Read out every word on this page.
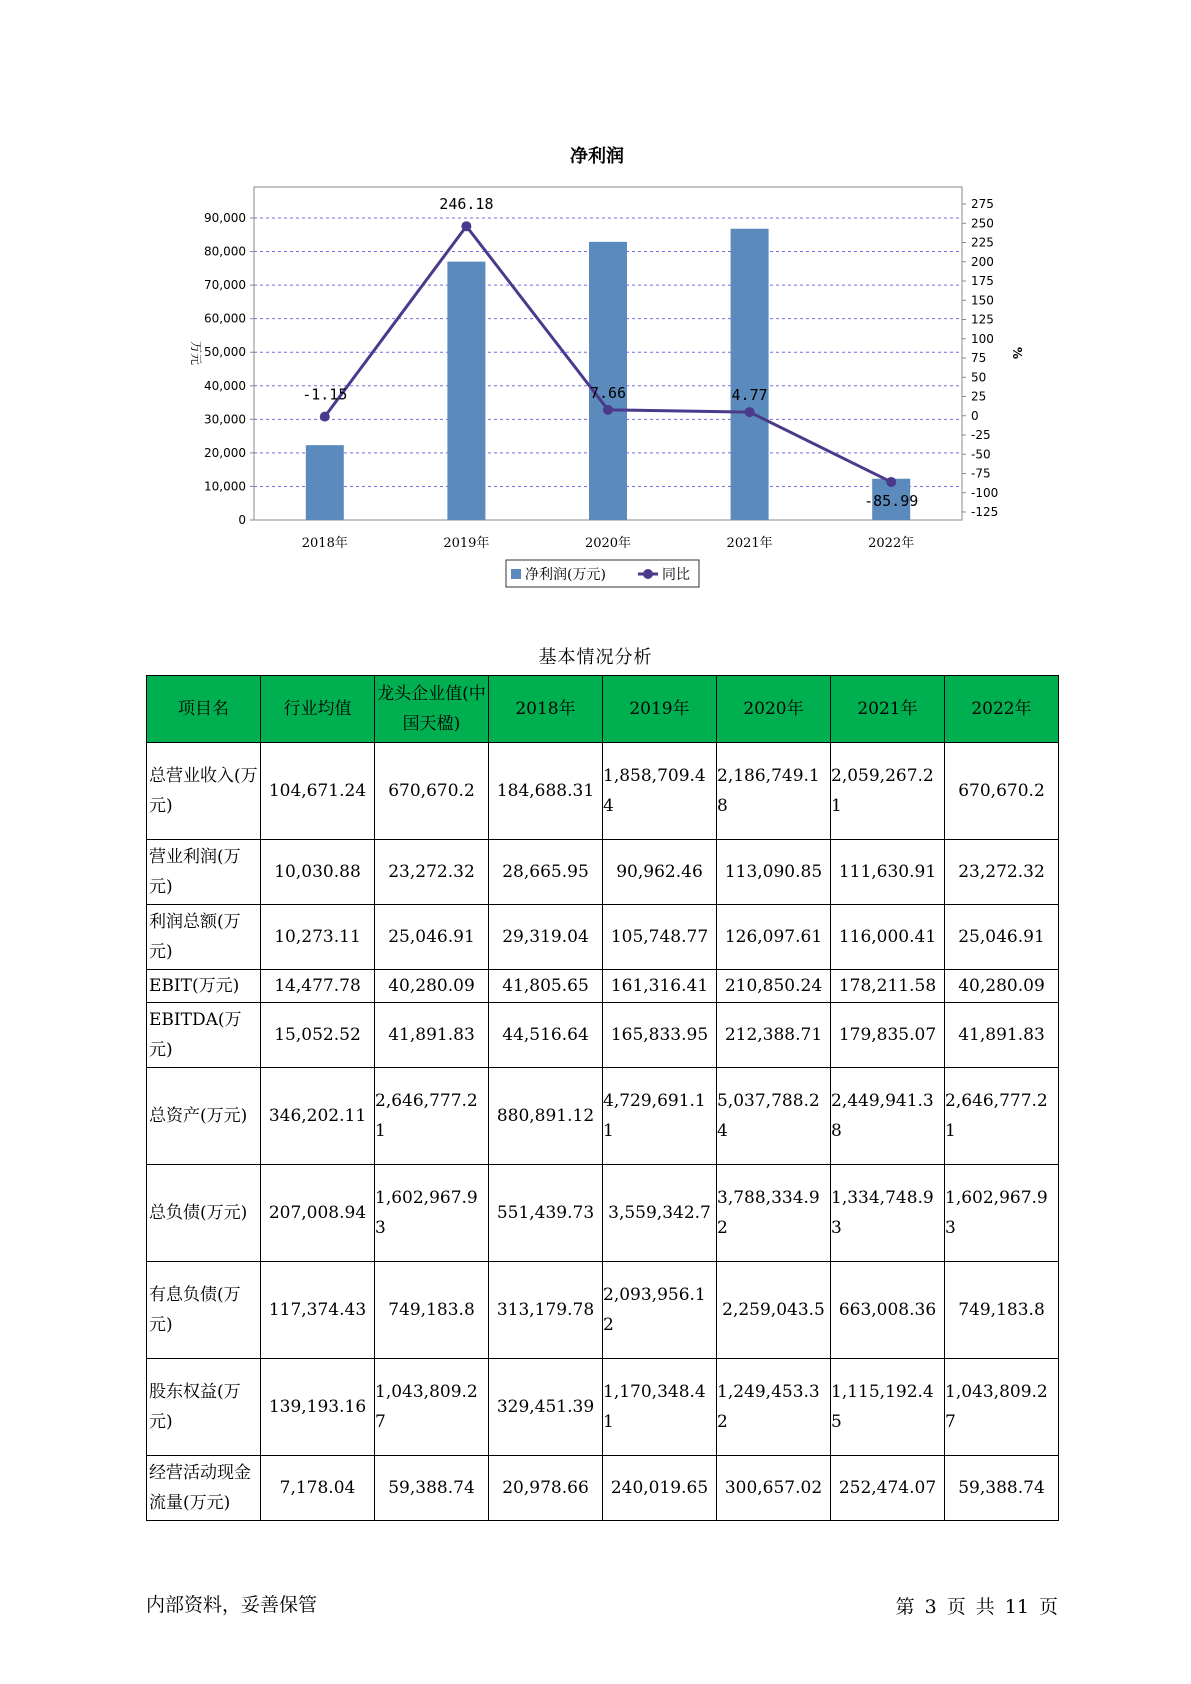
净利润
0
10,000
20,000
30,000
40,000
50,000
60,000
70,000
80,000
90,000
275
250
225
200
175
150
125
100
75
50
25
0
-25
-50
-75
-100
-125
万元	%
2018年	2019年	2020年	2021年	2022年
-1.15
246.18
7.66	4.77
-85.99
净利润(万元)	同比
基本情况分析
项目名	行业均值	龙头企业值(中国天楹)	2018年	2019年	2020年	2021年	2022年
总营业收入(万元)	104,671.24	670,670.2	184,688.31	1,858,709.44	2,186,749.18	2,059,267.21	670,670.2
营业利润(万元)	10,030.88	23,272.32	28,665.95	90,962.46	113,090.85	111,630.91	23,272.32
利润总额(万元)	10,273.11	25,046.91	29,319.04	105,748.77	126,097.61	116,000.41	25,046.91
EBIT(万元)	14,477.78	40,280.09	41,805.65	161,316.41	210,850.24	178,211.58	40,280.09
EBITDA(万元)	15,052.52	41,891.83	44,516.64	165,833.95	212,388.71	179,835.07	41,891.83
总资产(万元)	346,202.11	2,646,777.21	880,891.12	4,729,691.11	5,037,788.24	2,449,941.38	2,646,777.21
总负债(万元)	207,008.94	1,602,967.93	551,439.73	3,559,342.7	3,788,334.92	1,334,748.93	1,602,967.93
有息负债(万元)	117,374.43	749,183.8	313,179.78	2,093,956.12	2,259,043.5	663,008.36	749,183.8
股东权益(万元)	139,193.16	1,043,809.27	329,451.39	1,170,348.41	1,249,453.32	1,115,192.45	1,043,809.27
经营活动现金流量(万元)	7,178.04	59,388.74	20,978.66	240,019.65	300,657.02	252,474.07	59,388.74
内部资料，妥善保管	第 3 页 共 11 页
